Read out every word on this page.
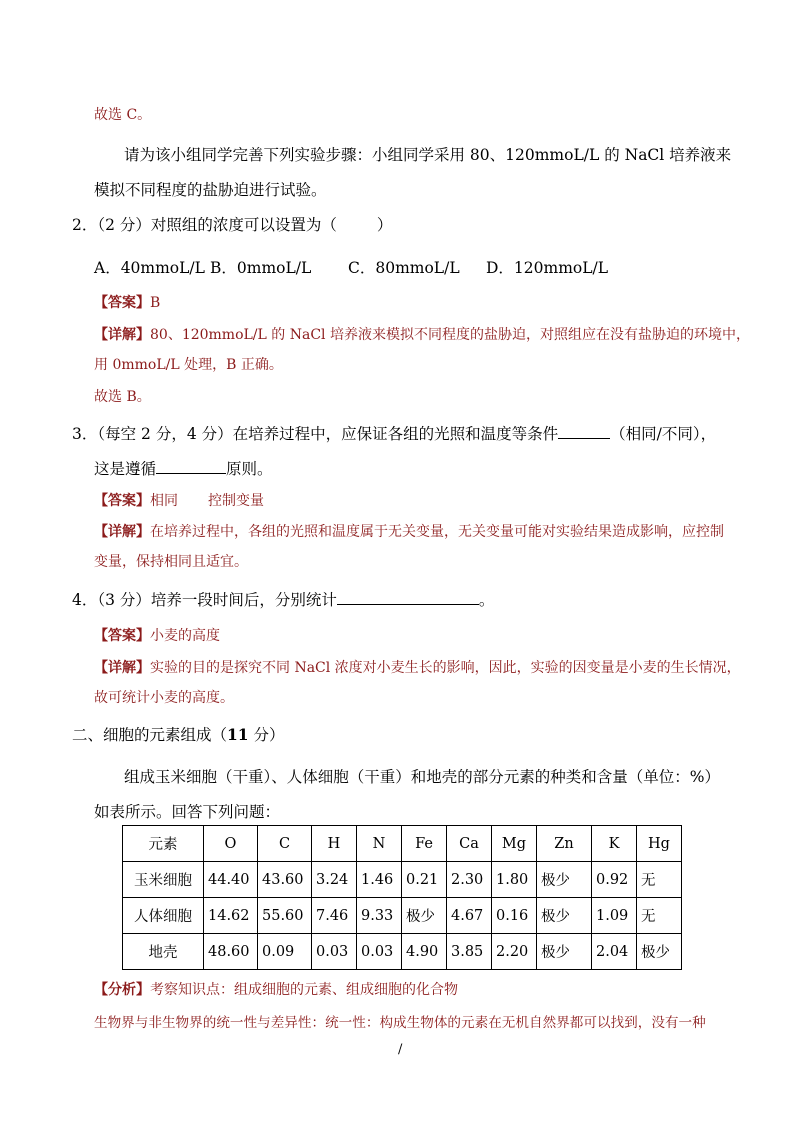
故选 C。
请为该小组同学完善下列实验步骤：小组同学采用 80、120mmoL/L 的 NaCl 培养液来
模拟不同程度的盐胁迫进行试验。
2．（2 分）对照组的浓度可以设置为（	）
A．40mmoL/L B．0mmoL/L C．80mmoL/L D．120mmoL/L
【答案】B
【详解】80、120mmoL/L 的 NaCl 培养液来模拟不同程度的盐胁迫，对照组应在没有盐胁迫的环境中，
用 0mmoL/L 处理，B 正确。
故选 B。
3．（每空 2 分，4 分）在培养过程中，应保证各组的光照和温度等条件	（相同/不同），
这是遵循	原则。
【答案】相同 控制变量
【详解】在培养过程中，各组的光照和温度属于无关变量，无关变量可能对实验结果造成影响，应控制
变量，保持相同且适宜。
4．（3 分）培养一段时间后，分别统计	。
【答案】小麦的高度
【详解】实验的目的是探究不同 NaCl 浓度对小麦生长的影响，因此，实验的因变量是小麦的生长情况，
故可统计小麦的高度。
二、细胞的元素组成（11 分）
组成玉米细胞（干重）、人体细胞（干重）和地壳的部分元素的种类和含量（单位：%）
如表所示。回答下列问题：
元素	O	C	H	N	Fe	Ca	Mg	Zn	K	Hg
玉米细胞	44.40	43.60	3.24	1.46	0.21	2.30	1.80	极少	0.92	无
人体细胞	14.62	55.60	7.46	9.33	极少	4.67	0.16	极少	1.09	无
地壳	48.60	0.09	0.03	0.03	4.90	3.85	2.20	极少	2.04	极少
【分析】考察知识点：组成细胞的元素、组成细胞的化合物
生物界与非生物界的统一性与差异性：统一性：构成生物体的元素在无机自然界都可以找到，没有一种
/
